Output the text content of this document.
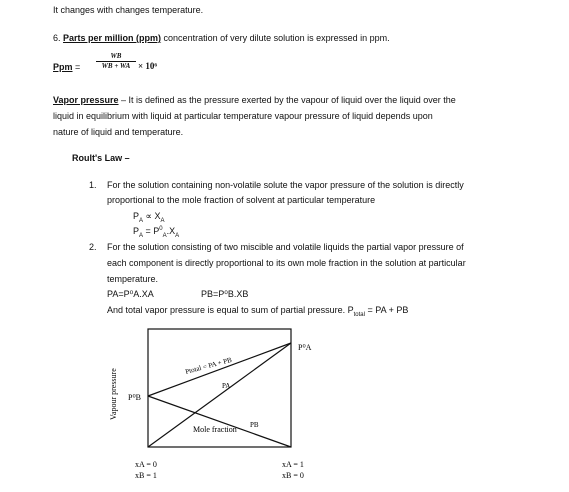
It changes with changes temperature.
6. Parts per million (ppm) concentration of very dilute solution is expressed in ppm.
Ppm =
WB
WB + WA × 10⁶
Vapor pressure – It is defined as the pressure exerted by the vapour of liquid over the liquid over the
liquid in equilibrium with liquid at particular temperature vapour pressure of liquid depends upon
nature of liquid and temperature.
Roult's Law –
1. For the solution containing non-volatile solute the vapor pressure of the solution is directly
proportional to the mole fraction of solvent at particular temperature
$P_A \propto X_A$
$P_A = P^0_A.X_A$
2. For the solution consisting of two miscible and volatile liquids the partial vapor pressure of
each component is directly proportional to its own mole fraction in the solution at particular
temperature.
PA=P⁰A.XA	PB=P⁰B.XB
And total vapor pressure is equal to sum of partial pressure. $P_{total}$ = PA + PB
Vapour pressure
Mole fraction
Ptotal = PA + PB
PA
PB
P⁰A
P⁰B
xA = 0
xB = 1
xA = 1
xB = 0
